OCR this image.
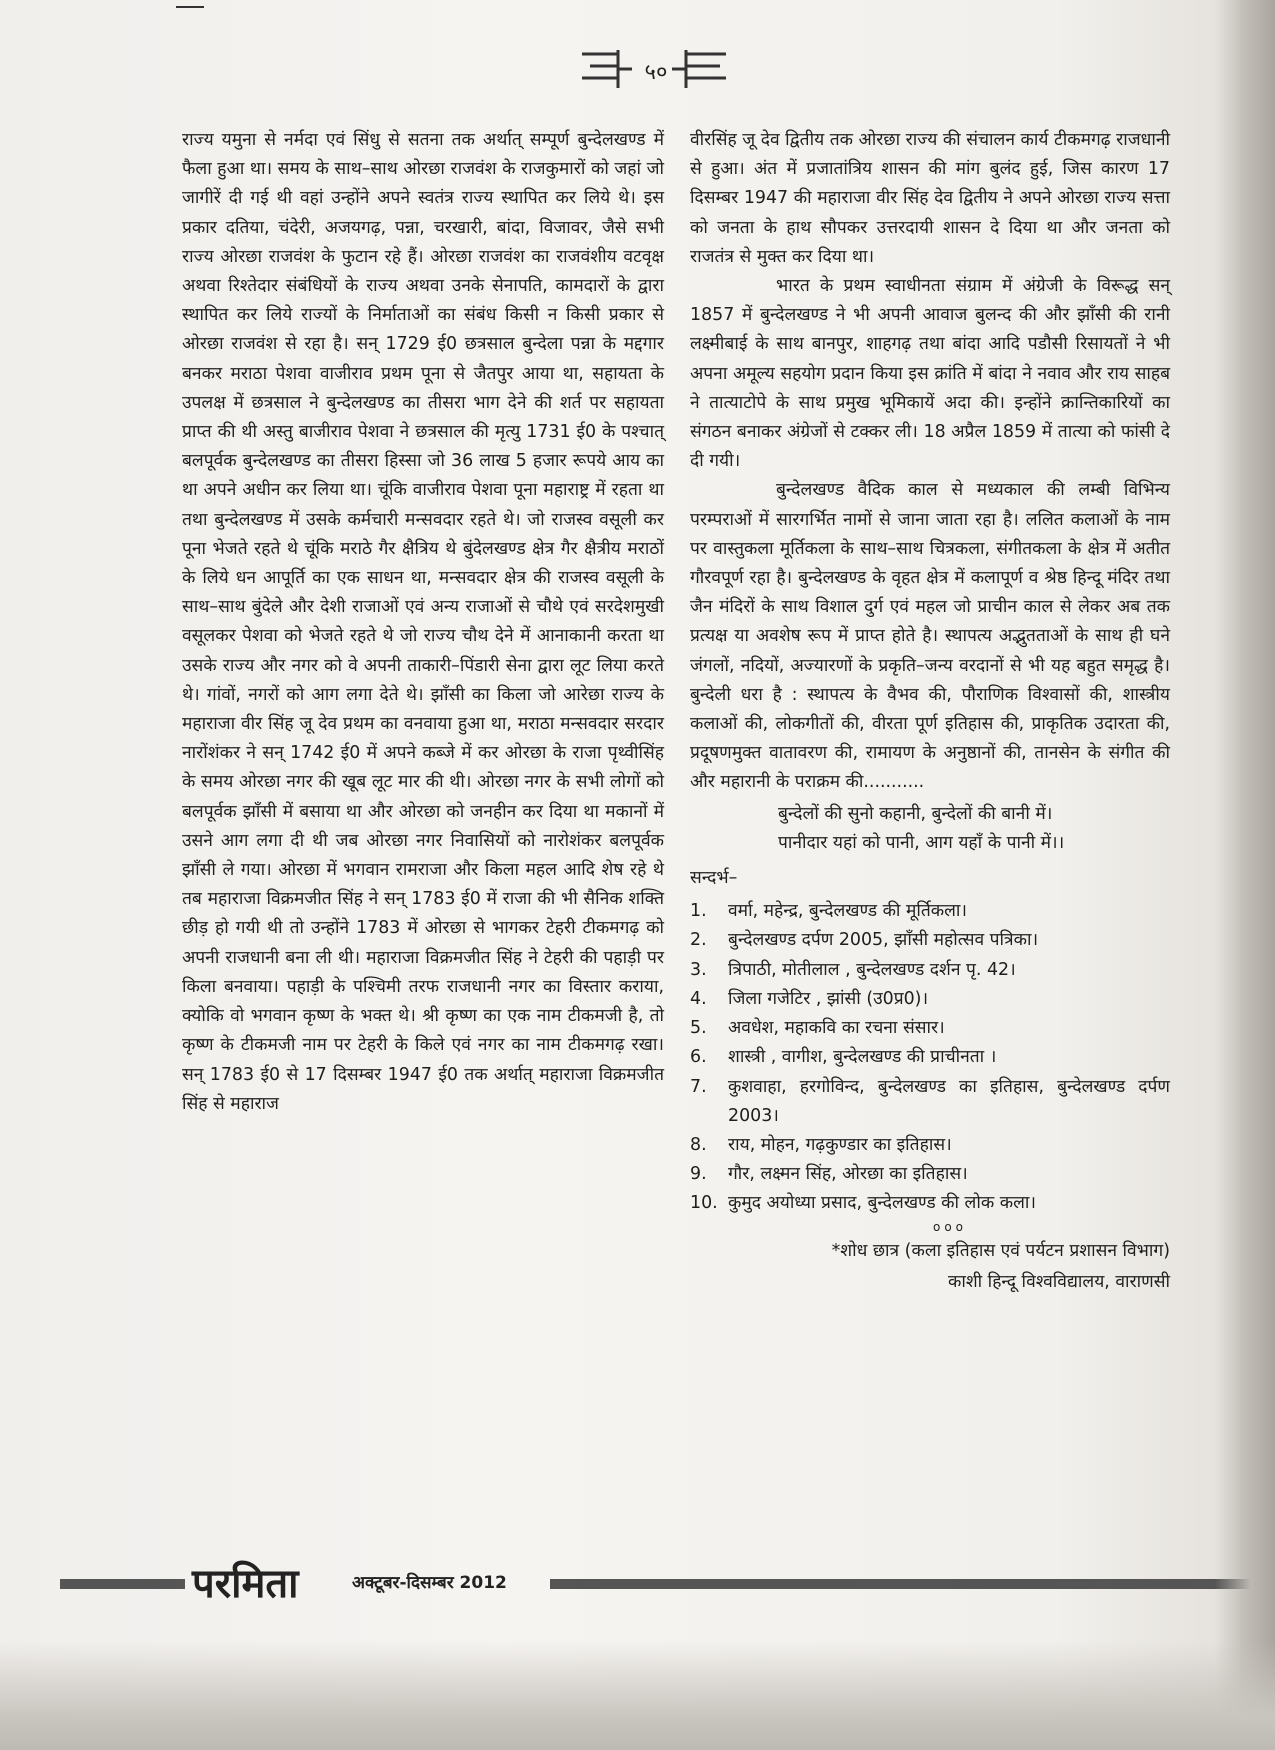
५०

राज्य यमुना से नर्मदा एवं सिंधु से सतना तक अर्थात् सम्पूर्ण बुन्देलखण्ड में फैला हुआ था। समय के साथ–साथ ओरछा राजवंश के राजकुमारों को जहां जो जागीरें दी गई थी वहां उन्होंने अपने स्वतंत्र राज्य स्थापित कर लिये थे। इस प्रकार दतिया, चंदेरी, अजयगढ़, पन्ना, चरखारी, बांदा, विजावर, जैसे सभी राज्य ओरछा राजवंश के फुटान रहे हैं। ओरछा राजवंश का राजवंशीय वटवृक्ष अथवा रिश्तेदार संबंधियों के राज्य अथवा उनके सेनापति, कामदारों के द्वारा स्थापित कर लिये राज्यों के निर्माताओं का संबंध किसी न किसी प्रकार से ओरछा राजवंश से रहा है। सन् 1729 ई0 छत्रसाल बुन्देला पन्ना के मद्दगार बनकर मराठा पेशवा वाजीराव प्रथम पूना से जैतपुर आया था, सहायता के उपलक्ष में छत्रसाल ने बुन्देलखण्ड का तीसरा भाग देने की शर्त पर सहायता प्राप्त की थी अस्तु बाजीराव पेशवा ने छत्रसाल की मृत्यु 1731 ई0 के पश्चात् बलपूर्वक बुन्देलखण्ड का तीसरा हिस्सा जो 36 लाख 5 हजार रूपये आय का था अपने अधीन कर लिया था। चूंकि वाजीराव पेशवा पूना महाराष्ट्र में रहता था तथा बुन्देलखण्ड में उसके कर्मचारी मन्सवदार रहते थे। जो राजस्व वसूली कर पूना भेजते रहते थे चूंकि मराठे गैर क्षैत्रिय थे बुंदेलखण्ड क्षेत्र गैर क्षैत्रीय मराठों के लिये धन आपूर्ति का एक साधन था, मन्सवदार क्षेत्र की राजस्व वसूली के साथ–साथ बुंदेले और देशी राजाओं एवं अन्य राजाओं से चौथे एवं सरदेशमुखी वसूलकर पेशवा को भेजते रहते थे जो राज्य चौथ देने में आनाकानी करता था उसके राज्य और नगर को वे अपनी ताकारी–पिंडारी सेना द्वारा लूट लिया करते थे। गांवों, नगरों को आग लगा देते थे। झाँसी का किला जो आरेछा राज्य के महाराजा वीर सिंह जू देव प्रथम का वनवाया हुआ था, मराठा मन्सवदार सरदार नारोंशंकर ने सन् 1742 ई0 में अपने कब्जे में कर ओरछा के राजा पृथ्वीसिंह के समय ओरछा नगर की खूब लूट मार की थी। ओरछा नगर के सभी लोगों को बलपूर्वक झाँसी में बसाया था और ओरछा को जनहीन कर दिया था मकानों में उसने आग लगा दी थी जब ओरछा नगर निवासियों को नारोशंकर बलपूर्वक झाँसी ले गया। ओरछा में भगवान रामराजा और किला महल आदि शेष रहे थे तब महाराजा विक्रमजीत सिंह ने सन् 1783 ई0 में राजा की भी सैनिक शक्ति छीड़ हो गयी थी तो उन्होंने 1783 में ओरछा से भागकर टेहरी टीकमगढ़ को अपनी राजधानी बना ली थी। महाराजा विक्रमजीत सिंह ने टेहरी की पहाड़ी पर किला बनवाया। पहाड़ी के पश्चिमी तरफ राजधानी नगर का विस्तार कराया, क्योकि वो भगवान कृष्ण के भक्त थे। श्री कृष्ण का एक नाम टीकमजी है, तो कृष्ण के टीकमजी नाम पर टेहरी के किले एवं नगर का नाम टीकमगढ़ रखा। सन् 1783 ई0 से 17 दिसम्बर 1947 ई0 तक अर्थात् महाराजा विक्रमजीत सिंह से महाराज

वीरसिंह जू देव द्वितीय तक ओरछा राज्य की संचालन कार्य टीकमगढ़ राजधानी से हुआ। अंत में प्रजातांत्रिय शासन की मांग बुलंद हुई, जिस कारण 17 दिसम्बर 1947 की महाराजा वीर सिंह देव द्वितीय ने अपने ओरछा राज्य सत्ता को जनता के हाथ सौपकर उत्तरदायी शासन दे दिया था और जनता को राजतंत्र से मुक्त कर दिया था।

भारत के प्रथम स्वाधीनता संग्राम में अंग्रेजी के विरूद्ध सन् 1857 में बुन्देलखण्ड ने भी अपनी आवाज बुलन्द की और झाँसी की रानी लक्ष्मीबाई के साथ बानपुर, शाहगढ़ तथा बांदा आदि पडौसी रिसायतों ने भी अपना अमूल्य सहयोग प्रदान किया इस क्रांति में बांदा ने नवाव और राय साहब ने तात्याटोपे के साथ प्रमुख भूमिकायें अदा की। इन्होंने क्रान्तिकारियों का संगठन बनाकर अंग्रेजों से टक्कर ली। 18 अप्रैल 1859 में तात्या को फांसी दे दी गयी।

बुन्देलखण्ड वैदिक काल से मध्यकाल की लम्बी विभिन्य परम्पराओं में सारगर्भित नामों से जाना जाता रहा है। ललित कलाओं के नाम पर वास्तुकला मूर्तिकला के साथ–साथ चित्रकला, संगीतकला के क्षेत्र में अतीत गौरवपूर्ण रहा है। बुन्देलखण्ड के वृहत क्षेत्र में कलापूर्ण व श्रेष्ठ हिन्दू मंदिर तथा जैन मंदिरों के साथ विशाल दुर्ग एवं महल जो प्राचीन काल से लेकर अब तक प्रत्यक्ष या अवशेष रूप में प्राप्त होते है। स्थापत्य अद्भुतताओं के साथ ही घने जंगलों, नदियों, अज्यारणों के प्रकृति–जन्य वरदानों से भी यह बहुत समृद्ध है। बुन्देली धरा है : स्थापत्य के वैभव की, पौराणिक विश्वासों की, शास्त्रीय कलाओं की, लोकगीतों की, वीरता पूर्ण इतिहास की, प्राकृतिक उदारता की, प्रदूषणमुक्त वातावरण की, रामायण के अनुष्ठानों की, तानसेन के संगीत की और महारानी के पराक्रम की...........

बुन्देलों की सुनो कहानी, बुन्देलों की बानी में।
पानीदार यहां को पानी, आग यहाँ के पानी में।।
सन्दर्भ–
1.	वर्मा, महेन्द्र, बुन्देलखण्ड की मूर्तिकला।
2.	बुन्देलखण्ड दर्पण 2005, झाँसी महोत्सव पत्रिका।
3.	त्रिपाठी, मोतीलाल , बुन्देलखण्ड दर्शन पृ. 42।
4.	जिला गजेटिर , झांसी (उ0प्र0)।
5.	अवधेश, महाकवि का रचना संसार।
6.	शास्त्री , वागीश, बुन्देलखण्ड की प्राचीनता ।
7.	कुशवाहा, हरगोविन्द, बुन्देलखण्ड का इतिहास, बुन्देलखण्ड दर्पण 2003।
8.	राय, मोहन, गढ़कुण्डार का इतिहास।
9.	गौर, लक्ष्मन सिंह, ओरछा का इतिहास।
10. कुमुद अयोध्या प्रसाद, बुन्देलखण्ड की लोक कला।
ooo
*शोध छात्र (कला इतिहास एवं पर्यटन प्रशासन विभाग)
काशी हिन्दू विश्वविद्यालय, वाराणसी
परमिता	अक्टूबर-दिसम्बर 2012
